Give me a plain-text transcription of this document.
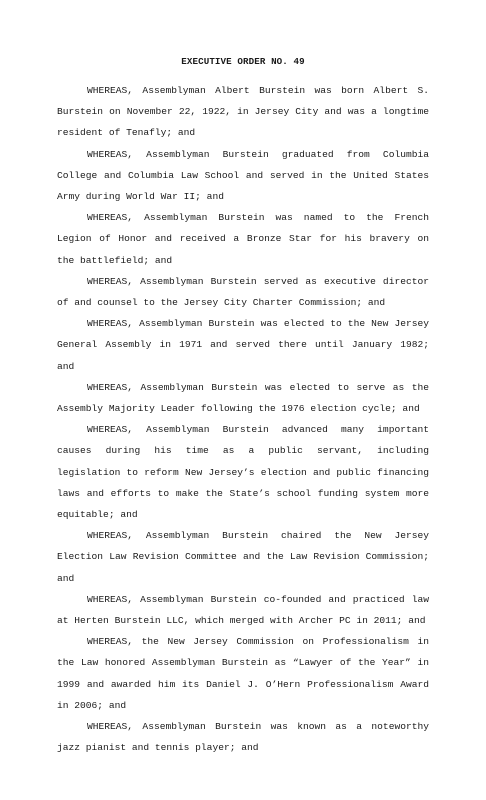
EXECUTIVE ORDER NO. 49

WHEREAS, Assemblyman Albert Burstein was born Albert S. Burstein on November 22, 1922, in Jersey City and was a longtime resident of Tenafly; and

WHEREAS, Assemblyman Burstein graduated from Columbia College and Columbia Law School and served in the United States Army during World War II; and

WHEREAS, Assemblyman Burstein was named to the French Legion of Honor and received a Bronze Star for his bravery on the battlefield; and

WHEREAS, Assemblyman Burstein served as executive director of and counsel to the Jersey City Charter Commission; and

WHEREAS, Assemblyman Burstein was elected to the New Jersey General Assembly in 1971 and served there until January 1982; and

WHEREAS, Assemblyman Burstein was elected to serve as the Assembly Majority Leader following the 1976 election cycle; and

WHEREAS, Assemblyman Burstein advanced many important causes during his time as a public servant, including legislation to reform New Jersey’s election and public financing laws and efforts to make the State’s school funding system more equitable; and

WHEREAS, Assemblyman Burstein chaired the New Jersey Election Law Revision Committee and the Law Revision Commission; and

WHEREAS, Assemblyman Burstein co-founded and practiced law at Herten Burstein LLC, which merged with Archer PC in 2011; and

WHEREAS, the New Jersey Commission on Professionalism in the Law honored Assemblyman Burstein as “Lawyer of the Year” in 1999 and awarded him its Daniel J. O’Hern Professionalism Award in 2006; and

WHEREAS, Assemblyman Burstein was known as a noteworthy jazz pianist and tennis player; and
